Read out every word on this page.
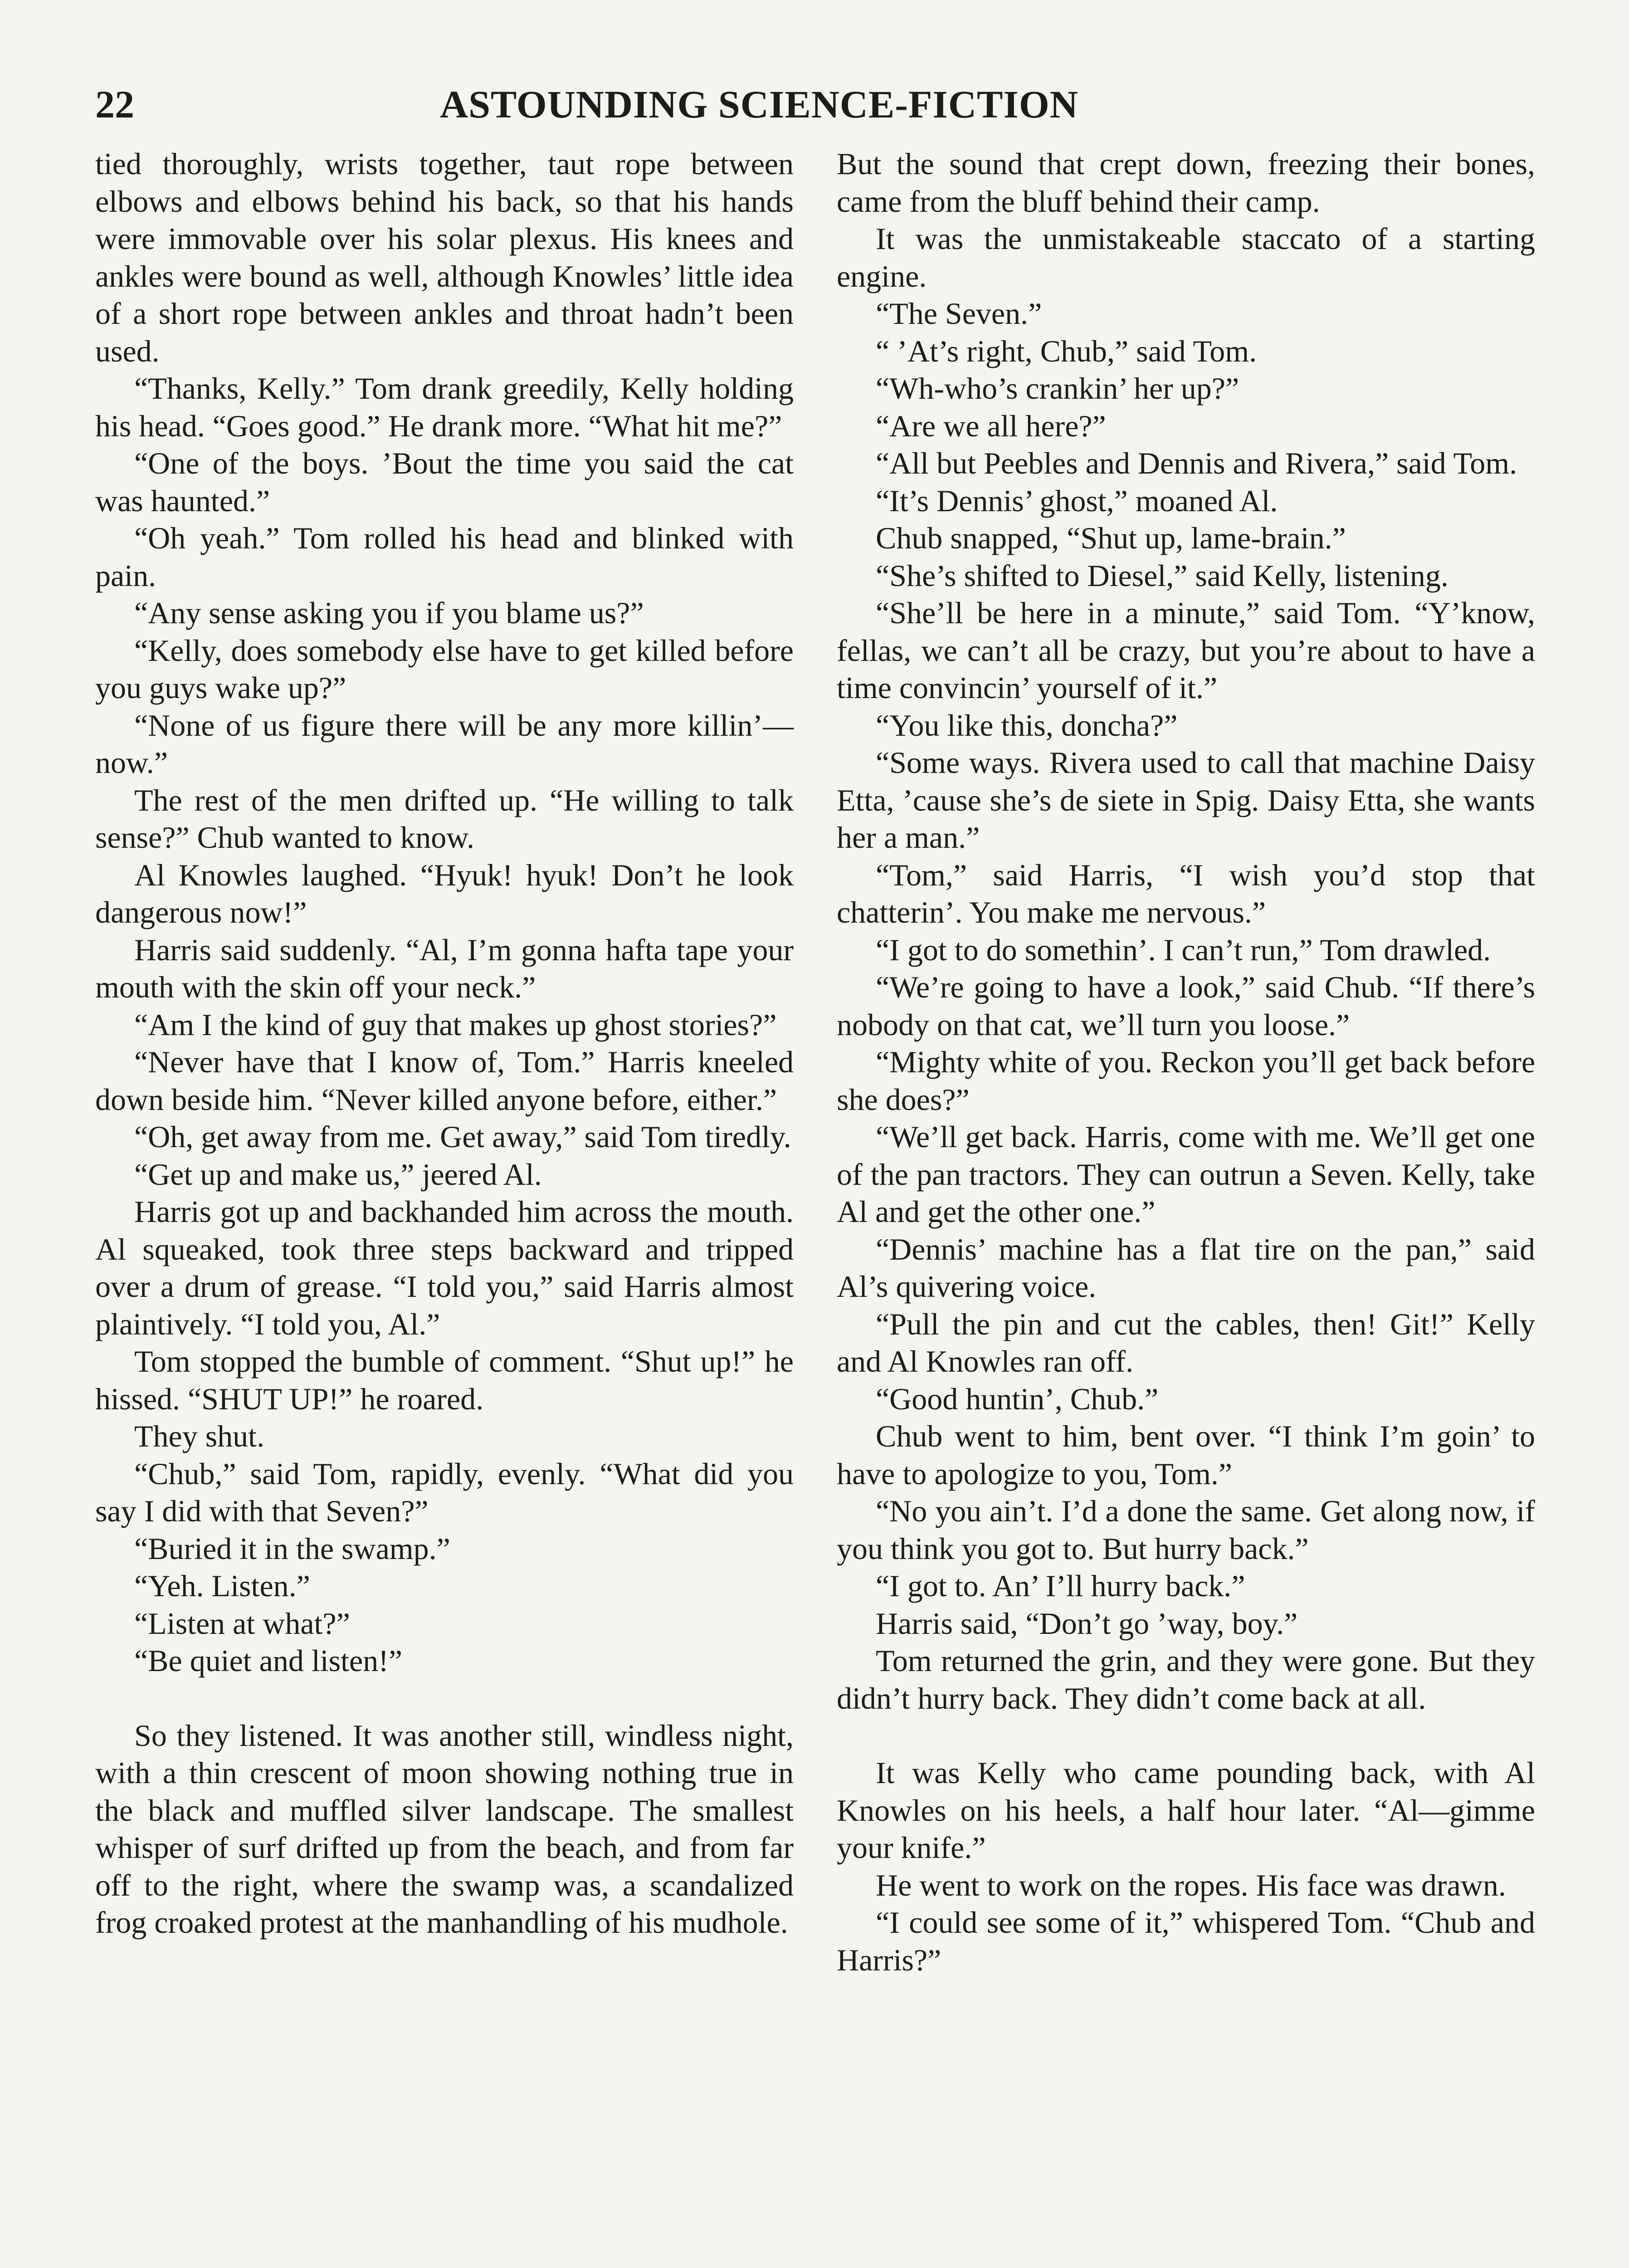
22	ASTOUNDING SCIENCE-FICTION

tied thoroughly, wrists together, taut rope between elbows and elbows behind his back, so that his hands were immovable over his solar plexus. His knees and ankles were bound as well, although Knowles’ little idea of a short rope between ankles and throat hadn’t been used.

“Thanks, Kelly.” Tom drank greedily, Kelly holding his head. “Goes good.” He drank more. “What hit me?”

“One of the boys. ’Bout the time you said the cat was haunted.”

“Oh yeah.” Tom rolled his head and blinked with pain.

“Any sense asking you if you blame us?”

“Kelly, does somebody else have to get killed before you guys wake up?”

“None of us figure there will be any more killin’—now.”

The rest of the men drifted up. “He willing to talk sense?” Chub wanted to know.

Al Knowles laughed. “Hyuk! hyuk! Don’t he look dangerous now!”

Harris said suddenly. “Al, I’m gonna hafta tape your mouth with the skin off your neck.”

“Am I the kind of guy that makes up ghost stories?”

“Never have that I know of, Tom.” Harris kneeled down beside him. “Never killed anyone before, either.”

“Oh, get away from me. Get away,” said Tom tiredly.

“Get up and make us,” jeered Al.

Harris got up and backhanded him across the mouth. Al squeaked, took three steps backward and tripped over a drum of grease. “I told you,” said Harris almost plaintively. “I told you, Al.”

Tom stopped the bumble of comment. “Shut up!” he hissed. “SHUT UP!” he roared.

They shut.

“Chub,” said Tom, rapidly, evenly. “What did you say I did with that Seven?”

“Buried it in the swamp.”

“Yeh. Listen.”

“Listen at what?”

“Be quiet and listen!”

So they listened. It was another still, windless night, with a thin crescent of moon showing nothing true in the black and muffled silver landscape. The smallest whisper of surf drifted up from the beach, and from far off to the right, where the swamp was, a scandalized frog croaked protest at the manhandling of his mudhole.

But the sound that crept down, freezing their bones, came from the bluff behind their camp.

It was the unmistakeable staccato of a starting engine.

“The Seven.”

“ ’At’s right, Chub,” said Tom.

“Wh-who’s crankin’ her up?”

“Are we all here?”

“All but Peebles and Dennis and Rivera,” said Tom.

“It’s Dennis’ ghost,” moaned Al.

Chub snapped, “Shut up, lame-brain.”

“She’s shifted to Diesel,” said Kelly, listening.

“She’ll be here in a minute,” said Tom. “Y’know, fellas, we can’t all be crazy, but you’re about to have a time convincin’ yourself of it.”

“You like this, doncha?”

“Some ways. Rivera used to call that machine Daisy Etta, ’cause she’s de siete in Spig. Daisy Etta, she wants her a man.”

“Tom,” said Harris, “I wish you’d stop that chatterin’. You make me nervous.”

“I got to do somethin’. I can’t run,” Tom drawled.

“We’re going to have a look,” said Chub. “If there’s nobody on that cat, we’ll turn you loose.”

“Mighty white of you. Reckon you’ll get back before she does?”

“We’ll get back. Harris, come with me. We’ll get one of the pan tractors. They can outrun a Seven. Kelly, take Al and get the other one.”

“Dennis’ machine has a flat tire on the pan,” said Al’s quivering voice.

“Pull the pin and cut the cables, then! Git!” Kelly and Al Knowles ran off.

“Good huntin’, Chub.”

Chub went to him, bent over. “I think I’m goin’ to have to apologize to you, Tom.”

“No you ain’t. I’d a done the same. Get along now, if you think you got to. But hurry back.”

“I got to. An’ I’ll hurry back.”

Harris said, “Don’t go ’way, boy.”

Tom returned the grin, and they were gone. But they didn’t hurry back. They didn’t come back at all.

It was Kelly who came pounding back, with Al Knowles on his heels, a half hour later. “Al—gimme your knife.”

He went to work on the ropes. His face was drawn.

“I could see some of it,” whispered Tom. “Chub and Harris?”
